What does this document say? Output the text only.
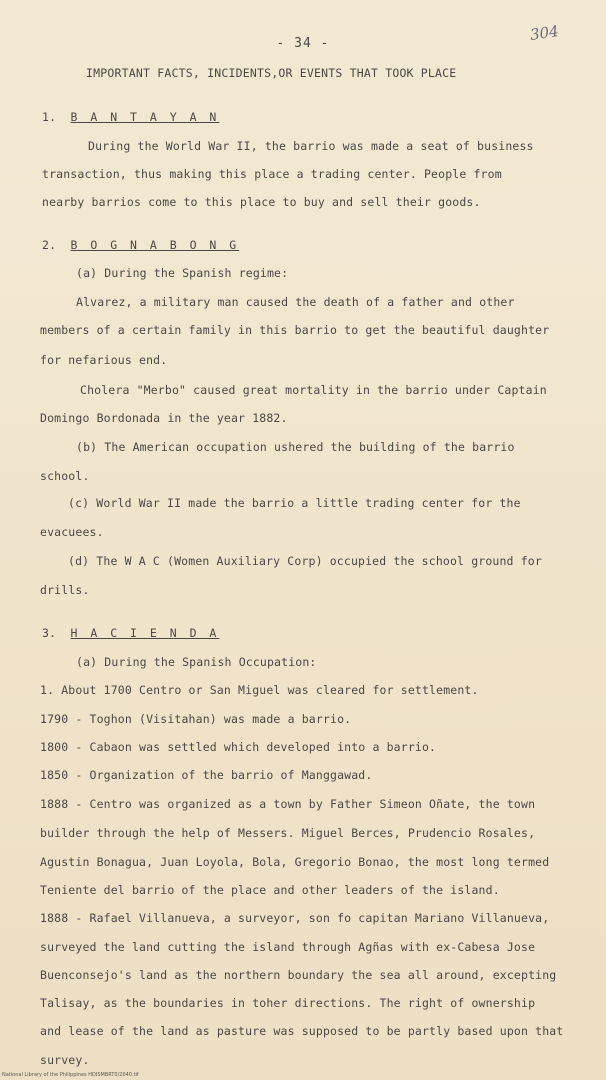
- 34 -	304
IMPORTANT FACTS, INCIDENTS,OR EVENTS THAT TOOK PLACE
1. B A N T A Y A N
During the World War II, the barrio was made a seat of business
transaction, thus making this place a trading center. People from
nearby barrios come to this place to buy and sell their goods.
2. B O G N A B O N G
(a) During the Spanish regime:
Alvarez, a military man caused the death of a father and other
members of a certain family in this barrio to get the beautiful daughter
for nefarious end.
Cholera "Merbo" caused great mortality in the barrio under Captain
Domingo Bordonada in the year 1882.
(b) The American occupation ushered the building of the barrio
school.
(c) World War II made the barrio a little trading center for the
evacuees.
(d) The W A C (Women Auxiliary Corp) occupied the school ground for
drills.
3. H A C I E N D A
(a) During the Spanish Occupation:
1. About 1700 Centro or San Miguel was cleared for settlement.
1790 - Toghon (Visitahan) was made a barrio.
1800 - Cabaon was settled which developed into a barrio.
1850 - Organization of the barrio of Manggawad.
1888 - Centro was organized as a town by Father Simeon Oñate, the town
builder through the help of Messers. Miguel Berces, Prudencio Rosales,
Agustin Bonagua, Juan Loyola, Bola, Gregorio Bonao, the most long termed
Teniente del barrio of the place and other leaders of the island.
1888 - Rafael Villanueva, a surveyor, son fo capitan Mariano Villanueva,
surveyed the land cutting the island through Agñas with ex-Cabesa Jose
Buenconsejo's land as the northern boundary the sea all around, excepting
Talisay, as the boundaries in toher directions. The right of ownership
and lease of the land as pasture was supposed to be partly based upon that
survey.
National Library of the Philippines HDISMBRT0/2040.tif
